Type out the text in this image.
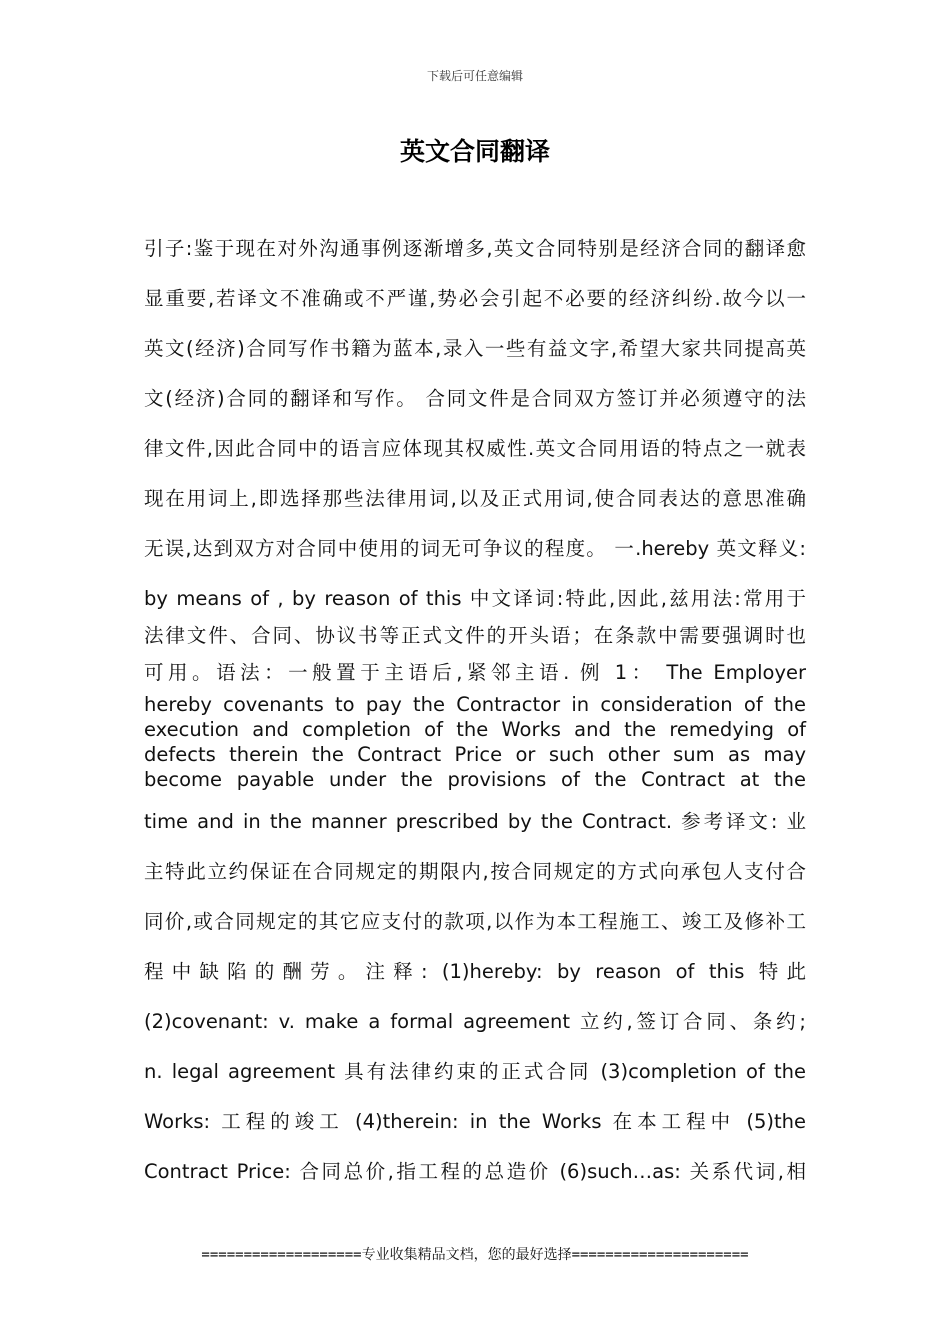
下载后可任意编辑
英文合同翻译
引子:鉴于现在对外沟通事例逐渐增多,英文合同特别是经济合同的翻译愈
显重要,若译文不准确或不严谨,势必会引起不必要的经济纠纷.故今以一
英文(经济)合同写作书籍为蓝本,录入一些有益文字,希望大家共同提高英
文(经济)合同的翻译和写作。 合同文件是合同双方签订并必须遵守的法
律文件,因此合同中的语言应体现其权威性.英文合同用语的特点之一就表
现在用词上,即选择那些法律用词,以及正式用词,使合同表达的意思准确
无误,达到双方对合同中使用的词无可争议的程度。 一.hereby 英文释义:
by means of , by reason of this 中文译词:特此,因此,兹用法:常用于
法律文件、合同、协议书等正式文件的开头语；在条款中需要强调时也
可用。语法：一般置于主语后,紧邻主语. 例 1： The Employer
hereby covenants to pay the Contractor in consideration of the
execution and completion of the Works and the remedying of
defects therein the Contract Price or such other sum as may
become payable under the provisions of the Contract at the
time and in the manner prescribed by the Contract. 参考译文: 业
主特此立约保证在合同规定的期限内,按合同规定的方式向承包人支付合
同价,或合同规定的其它应支付的款项,以作为本工程施工、竣工及修补工
程中缺陷的酬劳。注释: (1)hereby: by reason of this 特此
(2)covenant: v. make a formal agreement 立约,签订合同、条约;
n. legal agreement 具有法律约束的正式合同 (3)completion of the
Works: 工程的竣工 (4)therein: in the Works 在本工程中 (5)the
Contract Price: 合同总价,指工程的总造价 (6)such…as: 关系代词,相
===================专业收集精品文档，您的最好选择=====================
